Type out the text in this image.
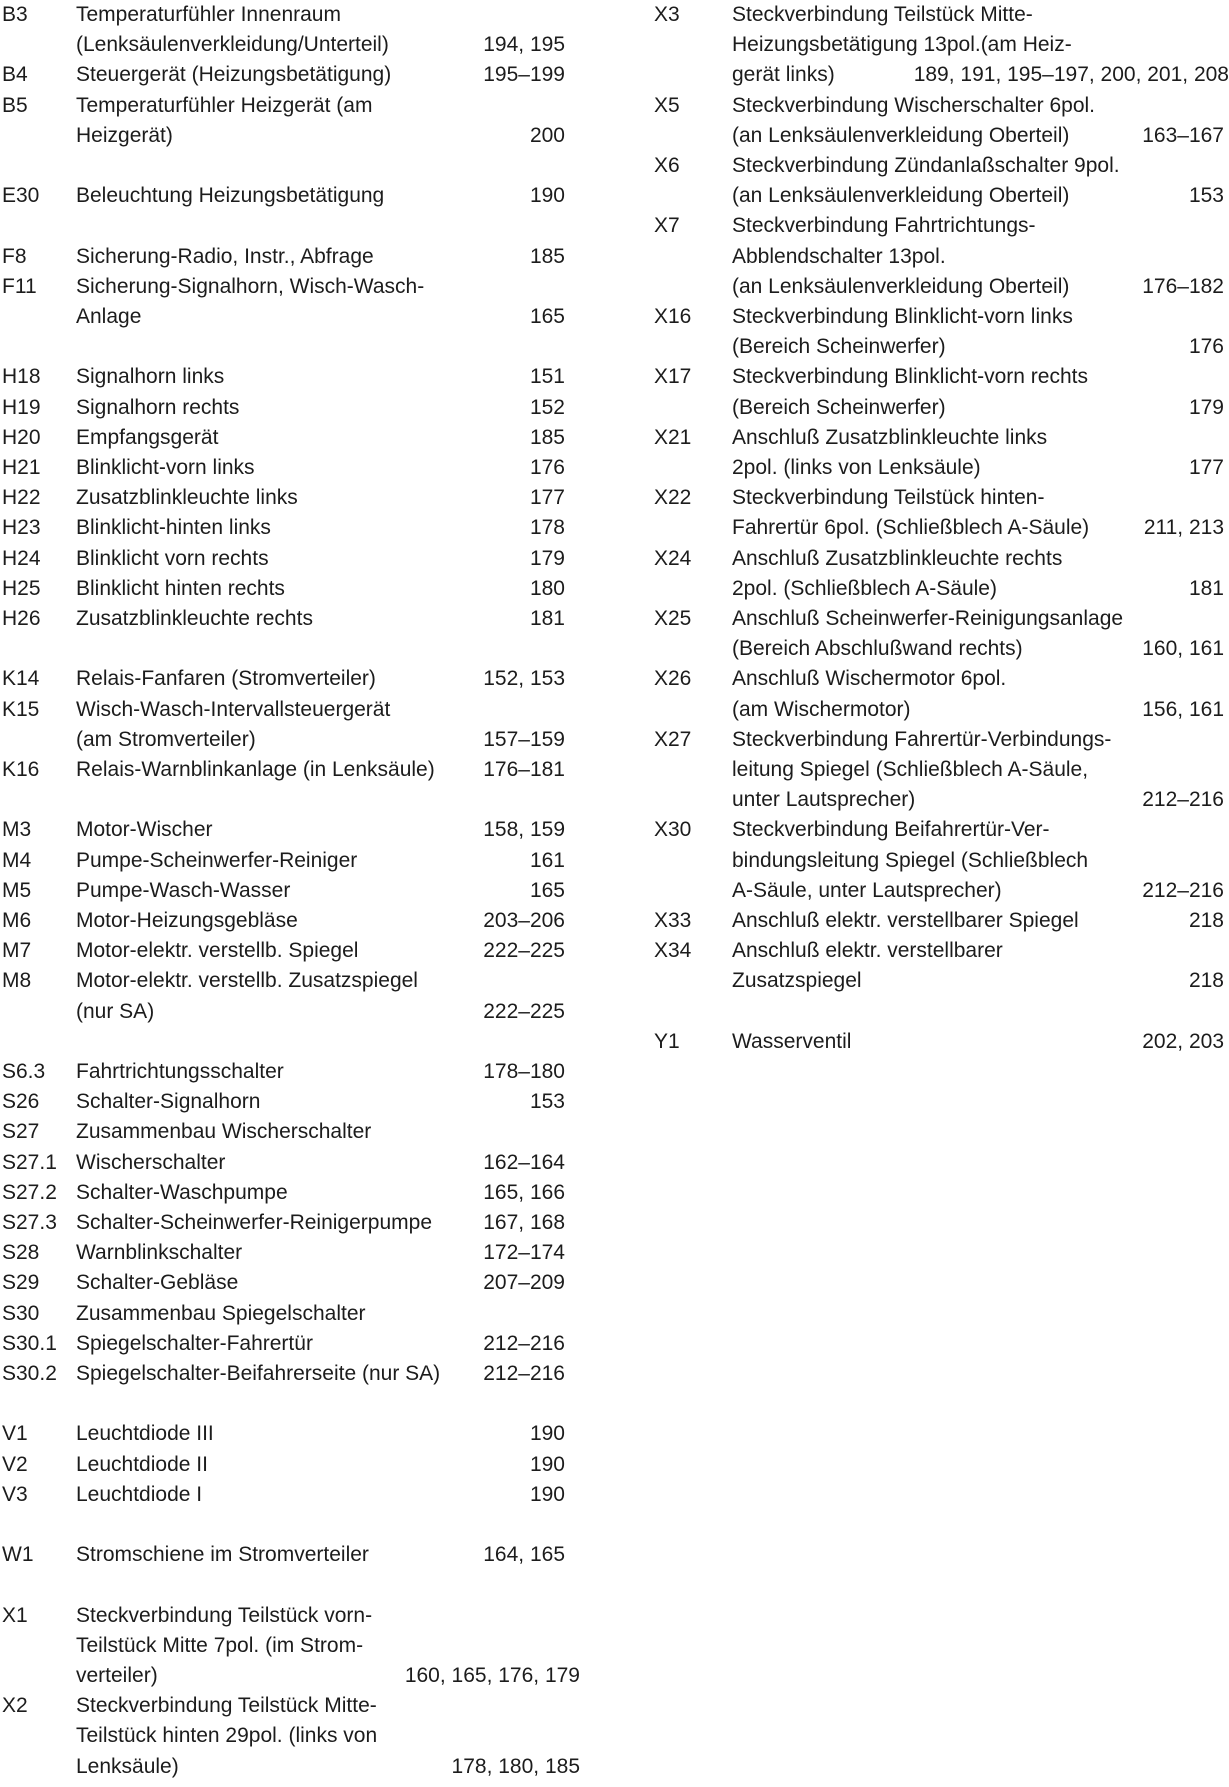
B3 Temperaturfühler Innenraum
(Lenksäulenverkleidung/Unterteil)	194, 195
B4 Steuergerät (Heizungsbetätigung)	195–199
B5 Temperaturfühler Heizgerät (am
Heizgerät)	200
E30 Beleuchtung Heizungsbetätigung	190
F8 Sicherung-Radio, Instr., Abfrage	185
F11 Sicherung-Signalhorn, Wisch-Wasch-
Anlage	165
H18 Signalhorn links	151
H19 Signalhorn rechts	152
H20 Empfangsgerät	185
H21 Blinklicht-vorn links	176
H22 Zusatzblinkleuchte links	177
H23 Blinklicht-hinten links	178
H24 Blinklicht vorn rechts	179
H25 Blinklicht hinten rechts	180
H26 Zusatzblinkleuchte rechts	181
K14 Relais-Fanfaren (Stromverteiler)	152, 153
K15 Wisch-Wasch-Intervallsteuergerät
(am Stromverteiler)	157–159
K16 Relais-Warnblinkanlage (in Lenksäule) 176–181
M3 Motor-Wischer	158, 159
M4 Pumpe-Scheinwerfer-Reiniger	161
M5 Pumpe-Wasch-Wasser	165
M6 Motor-Heizungsgebläse	203–206
M7 Motor-elektr. verstellb. Spiegel	222–225
M8 Motor-elektr. verstellb. Zusatzspiegel
(nur SA)	222–225
S6.3 Fahrtrichtungsschalter	178–180
S26 Schalter-Signalhorn	153
S27 Zusammenbau Wischerschalter
S27.1 Wischerschalter	162–164
S27.2 Schalter-Waschpumpe	165, 166
S27.3 Schalter-Scheinwerfer-Reinigerpumpe 167, 168
S28 Warnblinkschalter	172–174
S29 Schalter-Gebläse	207–209
S30 Zusammenbau Spiegelschalter
S30.1 Spiegelschalter-Fahrertür	212–216
S30.2 Spiegelschalter-Beifahrerseite (nur SA) 212–216
V1 Leuchtdiode III	190
V2 Leuchtdiode II	190
V3 Leuchtdiode I	190
W1 Stromschiene im Stromverteiler	164, 165
X1 Steckverbindung Teilstück vorn-
Teilstück Mitte 7pol. (im Strom-
verteiler)	160, 165, 176, 179
X2 Steckverbindung Teilstück Mitte-
Teilstück hinten 29pol. (links von
Lenksäule)	178, 180, 185
X3 Steckverbindung Teilstück Mitte-
Heizungsbetätigung 13pol.(am Heiz-
gerät links)	189, 191, 195–197, 200, 201, 208
X5 Steckverbindung Wischerschalter 6pol.
(an Lenksäulenverkleidung Oberteil)	163–167
X6 Steckverbindung Zündanlaßschalter 9pol.
(an Lenksäulenverkleidung Oberteil)	153
X7 Steckverbindung Fahrtrichtungs-
Abblendschalter 13pol.
(an Lenksäulenverkleidung Oberteil)	176–182
X16 Steckverbindung Blinklicht-vorn links
(Bereich Scheinwerfer)	176
X17 Steckverbindung Blinklicht-vorn rechts
(Bereich Scheinwerfer)	179
X21 Anschluß Zusatzblinkleuchte links
2pol. (links von Lenksäule)	177
X22 Steckverbindung Teilstück hinten-
Fahrertür 6pol. (Schließblech A-Säule)	211, 213
X24 Anschluß Zusatzblinkleuchte rechts
2pol. (Schließblech A-Säule)	181
X25 Anschluß Scheinwerfer-Reinigungsanlage
(Bereich Abschlußwand rechts)	160, 161
X26 Anschluß Wischermotor 6pol.
(am Wischermotor)	156, 161
X27 Steckverbindung Fahrertür-Verbindungs-
leitung Spiegel (Schließblech A-Säule,
unter Lautsprecher)	212–216
X30 Steckverbindung Beifahrertür-Ver-
bindungsleitung Spiegel (Schließblech
A-Säule, unter Lautsprecher)	212–216
X33 Anschluß elektr. verstellbarer Spiegel	218
X34 Anschluß elektr. verstellbarer
Zusatzspiegel	218
Y1 Wasserventil	202, 203
